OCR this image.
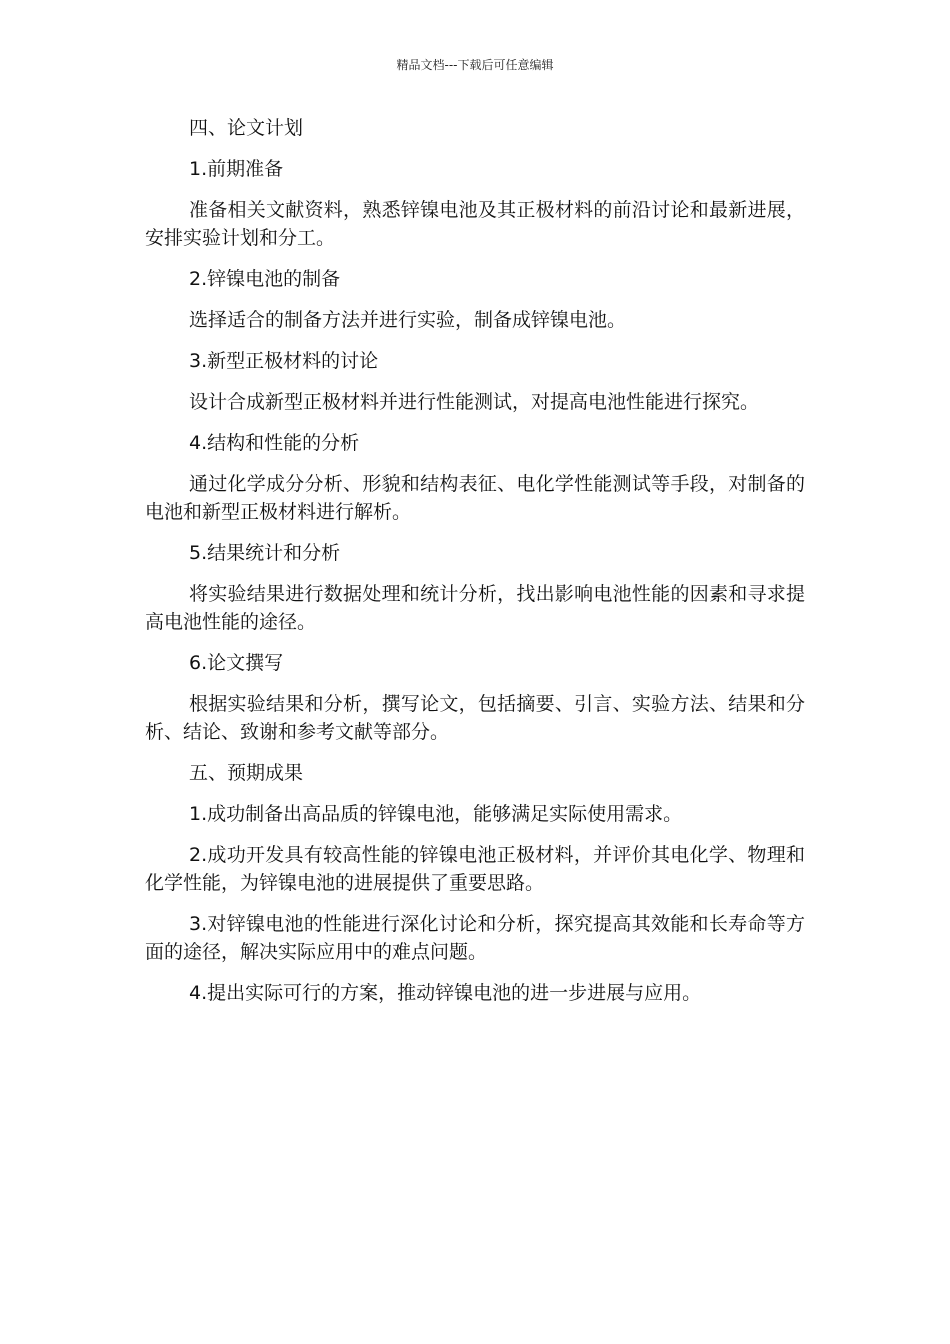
精品文档---下载后可任意编辑

四、论文计划

1.前期准备

准备相关文献资料，熟悉锌镍电池及其正极材料的前沿讨论和最新进展，安排实验计划和分工。

2.锌镍电池的制备

选择适合的制备方法并进行实验，制备成锌镍电池。

3.新型正极材料的讨论

设计合成新型正极材料并进行性能测试，对提高电池性能进行探究。

4.结构和性能的分析

通过化学成分分析、形貌和结构表征、电化学性能测试等手段，对制备的电池和新型正极材料进行解析。

5.结果统计和分析

将实验结果进行数据处理和统计分析，找出影响电池性能的因素和寻求提高电池性能的途径。

6.论文撰写

根据实验结果和分析，撰写论文，包括摘要、引言、实验方法、结果和分析、结论、致谢和参考文献等部分。

五、预期成果

1.成功制备出高品质的锌镍电池，能够满足实际使用需求。

2.成功开发具有较高性能的锌镍电池正极材料，并评价其电化学、物理和化学性能，为锌镍电池的进展提供了重要思路。

3.对锌镍电池的性能进行深化讨论和分析，探究提高其效能和长寿命等方面的途径，解决实际应用中的难点问题。

4.提出实际可行的方案，推动锌镍电池的进一步进展与应用。
